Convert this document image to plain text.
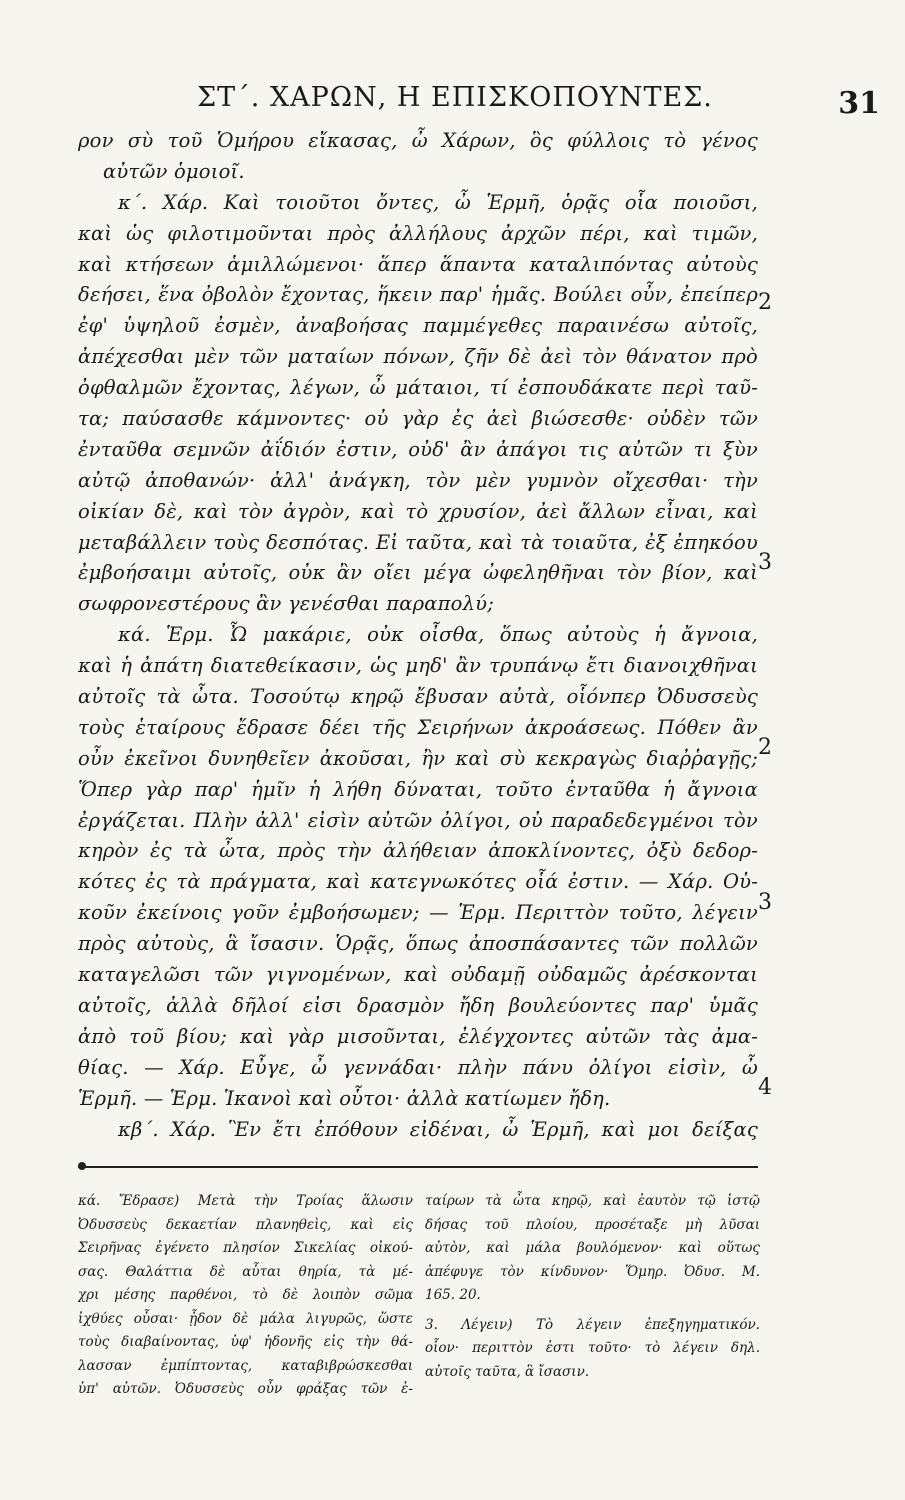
ΣΤ΄. ΧΑΡΩΝ, Η ΕΠΙΣΚΟΠΟΥΝΤΕΣ.	31
ρον σὺ τοῦ Ὁμήρου εἴκασας, ὦ Χάρων, ὃς φύλλοις τὸ γένος
αὐτῶν ὁμοιοῖ.
κ΄. Χάρ. Καὶ τοιοῦτοι ὄντες, ὦ Ἑρμῆ, ὁρᾷς οἷα ποιοῦσι,
καὶ ὡς φιλοτιμοῦνται πρὸς ἀλλήλους ἀρχῶν πέρι, καὶ τιμῶν,
καὶ κτήσεων ἁμιλλώμενοι· ἅπερ ἅπαντα καταλιπόντας αὐτοὺς
δεήσει, ἕνα ὀβολὸν ἔχοντας, ἥκειν παρ' ἡμᾶς. Βούλει οὖν, ἐπείπερ
ἐφ' ὑψηλοῦ ἐσμὲν, ἀναβοήσας παμμέγεθες παραινέσω αὐτοῖς,
ἀπέχεσθαι μὲν τῶν ματαίων πόνων, ζῆν δὲ ἀεὶ τὸν θάνατον πρὸ
ὀφθαλμῶν ἔχοντας, λέγων, ὦ μάταιοι, τί ἐσπουδάκατε περὶ ταῦ-
τα; παύσασθε κάμνοντες· οὐ γὰρ ἐς ἀεὶ βιώσεσθε· οὐδὲν τῶν
ἐνταῦθα σεμνῶν ἀΐδιόν ἐστιν, οὐδ' ἂν ἀπάγοι τις αὐτῶν τι ξὺν
αὐτῷ ἀποθανών· ἀλλ' ἀνάγκη, τὸν μὲν γυμνὸν οἴχεσθαι· τὴν
οἰκίαν δὲ, καὶ τὸν ἀγρὸν, καὶ τὸ χρυσίον, ἀεὶ ἄλλων εἶναι, καὶ
μεταβάλλειν τοὺς δεσπότας. Εἰ ταῦτα, καὶ τὰ τοιαῦτα, ἐξ ἐπηκόου
ἐμβοήσαιμι αὐτοῖς, οὐκ ἂν οἴει μέγα ὠφεληθῆναι τὸν βίον, καὶ
σωφρονεστέρους ἂν γενέσθαι παραπολύ;
κά. Ἑρμ. Ὦ μακάριε, οὐκ οἶσθα, ὅπως αὐτοὺς ἡ ἄγνοια,
καὶ ἡ ἀπάτη διατεθείκασιν, ὡς μηδ' ἂν τρυπάνῳ ἔτι διανοιχθῆναι
αὐτοῖς τὰ ὦτα. Τοσούτῳ κηρῷ ἔβυσαν αὐτὰ, οἷόνπερ Ὀδυσσεὺς
τοὺς ἑταίρους ἔδρασε δέει τῆς Σειρήνων ἀκροάσεως. Πόθεν ἂν
οὖν ἐκεῖνοι δυνηθεῖεν ἀκοῦσαι, ἢν καὶ σὺ κεκραγὼς διαῤῥαγῇς;
Ὅπερ γὰρ παρ' ἡμῖν ἡ λήθη δύναται, τοῦτο ἐνταῦθα ἡ ἄγνοια
ἐργάζεται. Πλὴν ἀλλ' εἰσὶν αὐτῶν ὀλίγοι, οὐ παραδεδεγμένοι τὸν
κηρὸν ἐς τὰ ὦτα, πρὸς τὴν ἀλήθειαν ἀποκλίνοντες, ὀξὺ δεδορ-
κότες ἐς τὰ πράγματα, καὶ κατεγνωκότες οἷά ἐστιν. — Χάρ. Οὐ-
κοῦν ἐκείνοις γοῦν ἐμβοήσωμεν; — Ἑρμ. Περιττὸν τοῦτο, λέγειν
πρὸς αὐτοὺς, ἃ ἴσασιν. Ὁρᾷς, ὅπως ἀποσπάσαντες τῶν πολλῶν
καταγελῶσι τῶν γιγνομένων, καὶ οὐδαμῇ οὐδαμῶς ἀρέσκονται
αὐτοῖς, ἀλλὰ δῆλοί εἰσι δρασμὸν ἤδη βουλεύοντες παρ' ὑμᾶς
ἀπὸ τοῦ βίου; καὶ γὰρ μισοῦνται, ἐλέγχοντες αὐτῶν τὰς ἀμα-
θίας. — Χάρ. Εὖγε, ὦ γεννάδαι· πλὴν πάνυ ὀλίγοι εἰσὶν, ὦ
Ἑρμῆ. — Ἑρμ. Ἱκανοὶ καὶ οὗτοι· ἀλλὰ κατίωμεν ἤδη.
κβ΄. Χάρ. Ἓν ἔτι ἐπόθουν εἰδέναι, ὦ Ἑρμῆ, καὶ μοι δείξας
2
3
2
3
4
κά. Ἔδρασε) Μετὰ τὴν Τροίας ἅλωσιν
Ὀδυσσεὺς δεκαετίαν πλανηθεὶς, καὶ εἰς
Σειρῆνας ἐγένετο πλησίον Σικελίας οἰκού-
σας. Θαλάττια δὲ αὗται θηρία, τὰ μέ-
χρι μέσης παρθένοι, τὸ δὲ λοιπὸν σῶμα
ἰχθύες οὖσαι· ᾖδον δὲ μάλα λιγυρῶς, ὥστε
τοὺς διαβαίνοντας, ὑφ' ἡδονῆς εἰς τὴν θά-
λασσαν ἐμπίπτοντας, καταβιβρώσκεσθαι
ὑπ' αὐτῶν. Ὀδυσσεὺς οὖν φράξας τῶν ἑ-
ταίρων τὰ ὦτα κηρῷ, καὶ ἑαυτὸν τῷ ἱστῷ
δήσας τοῦ πλοίου, προσέταξε μὴ λῦσαι
αὐτὸν, καὶ μάλα βουλόμενον· καὶ οὕτως
ἀπέφυγε τὸν κίνδυνον· Ὅμηρ. Ὀδυσ. Μ.
165. 20.
3. Λέγειν) Τὸ λέγειν ἐπεξηγηματικόν.
οἷον· περιττὸν ἐστι τοῦτο· τὸ λέγειν δηλ.
αὐτοῖς ταῦτα, ἃ ἴσασιν.
